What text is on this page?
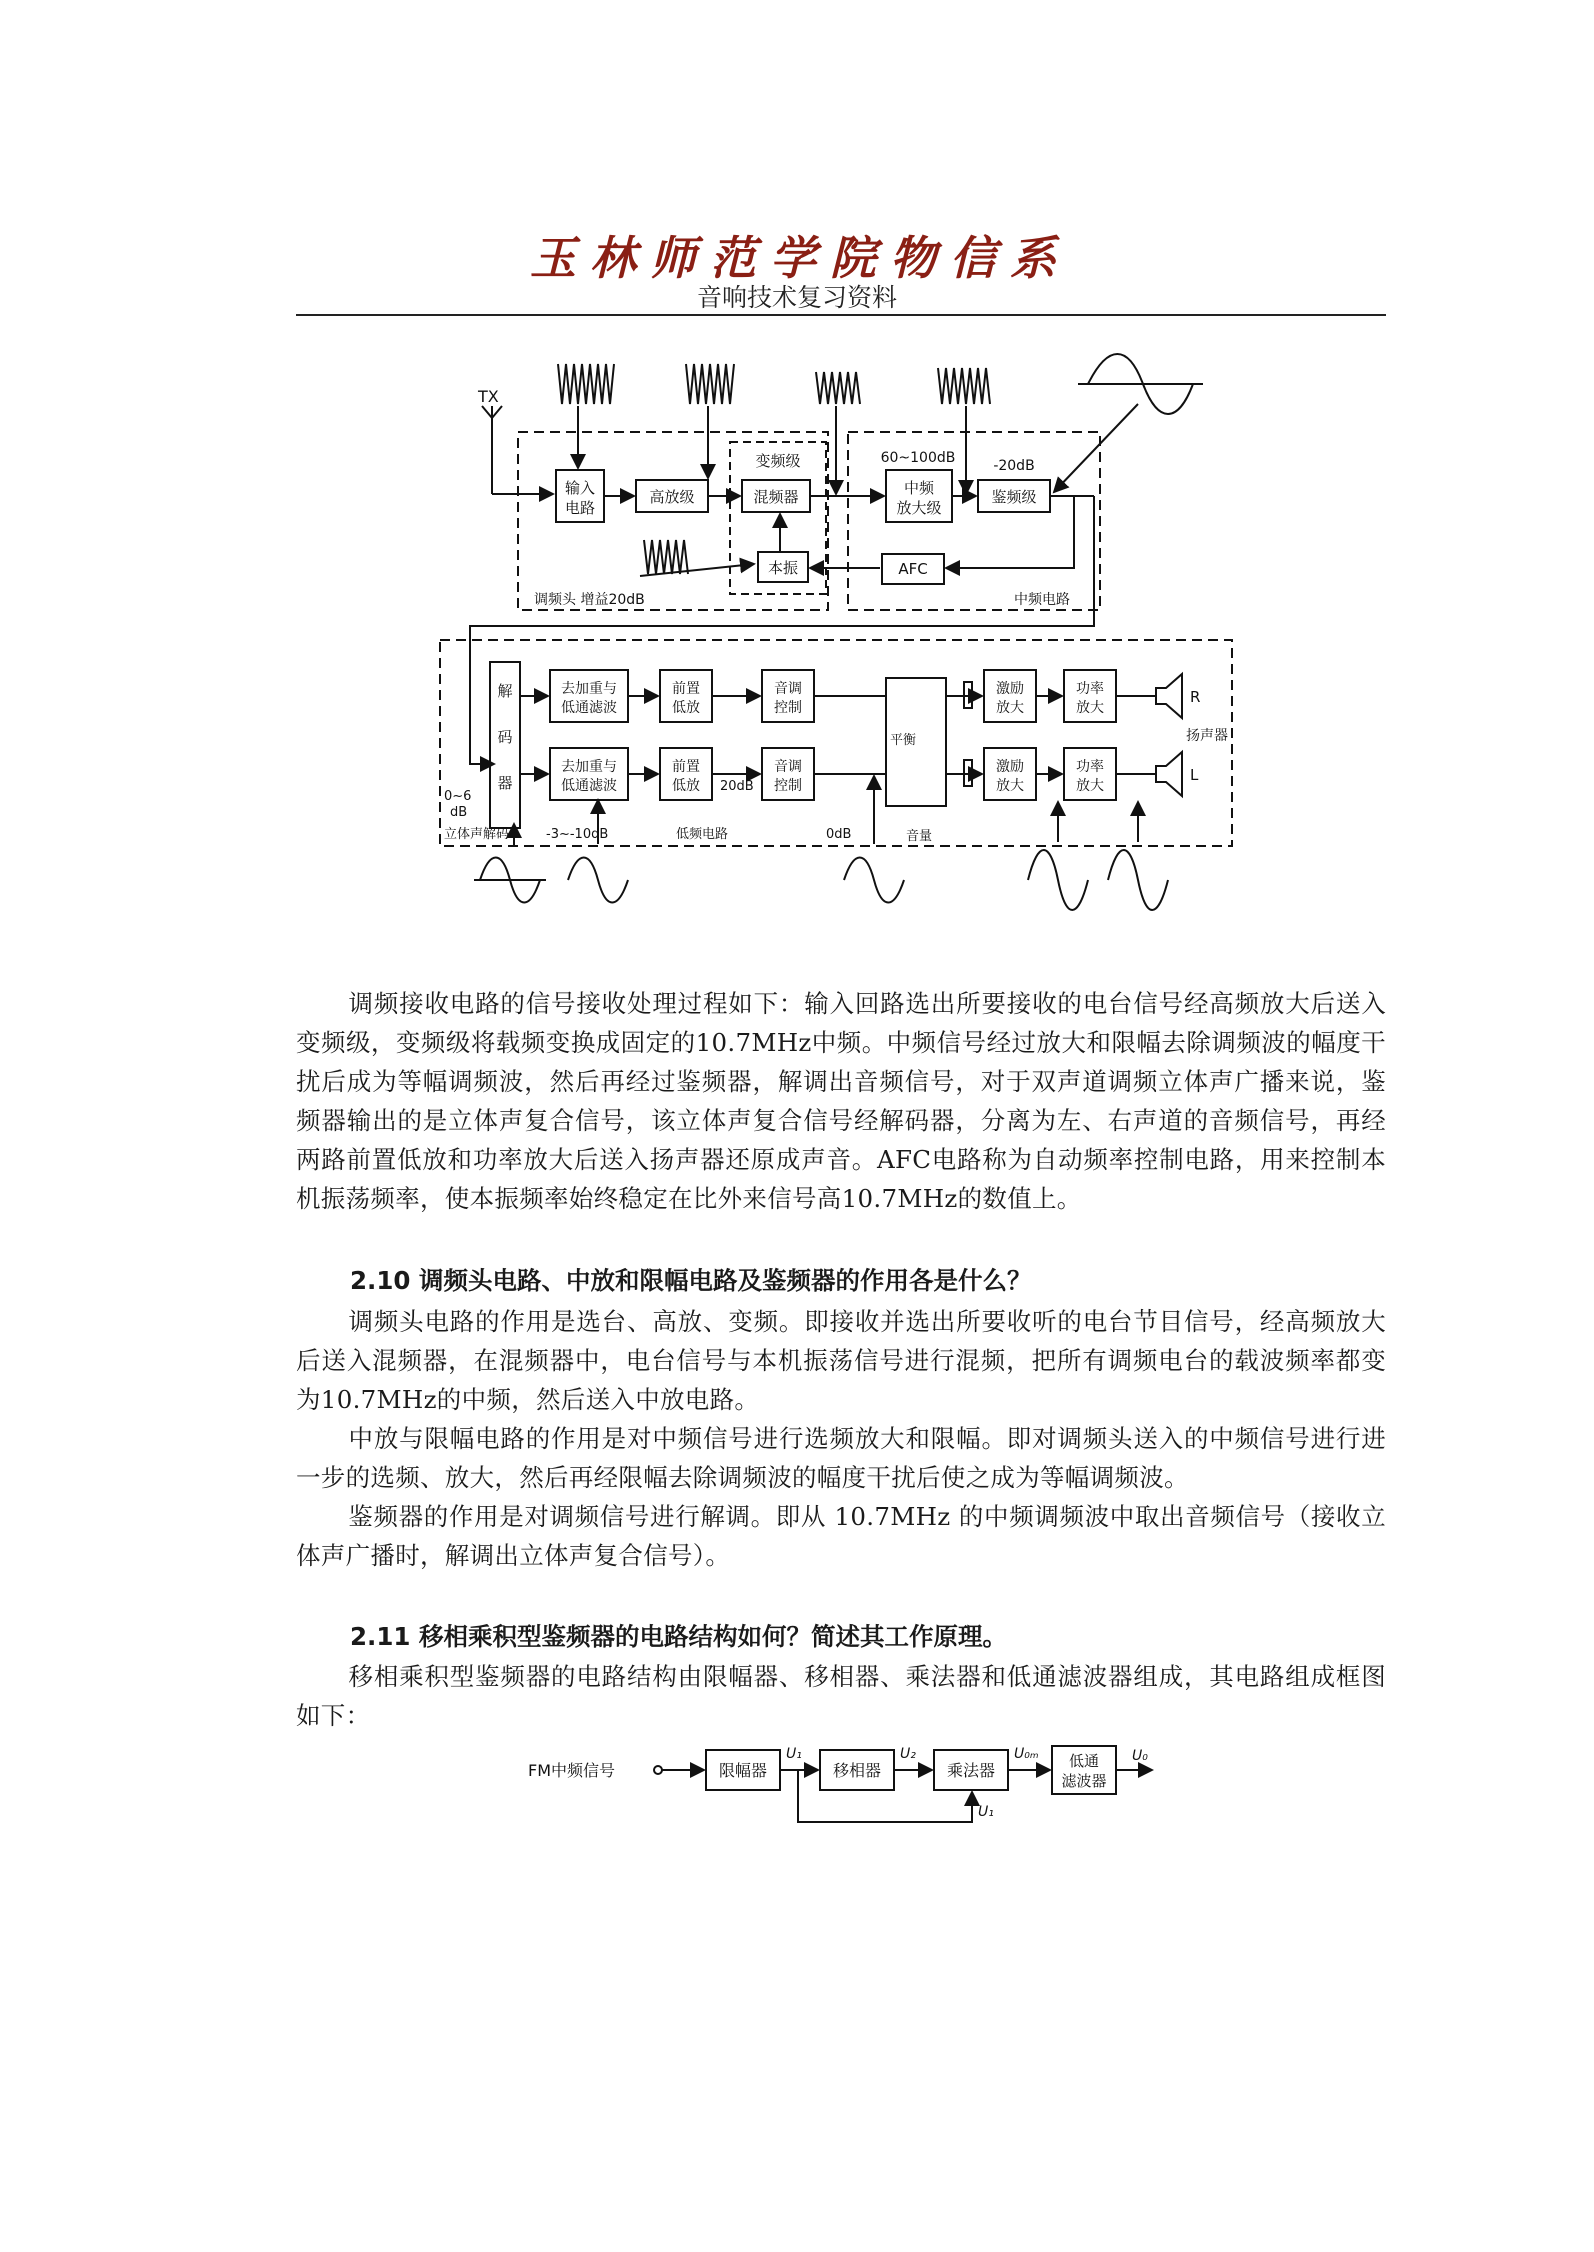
玉林师范学院物信系
音响技术复习资料
TX
输入
电路
高放级	混频器
变频级
本振
中频
放大级
60~100dB	-20dB
鉴频级
AFC
调频头 增益20dB	中频电路
解
码
器
去加重与
低通滤波
去加重与
低通滤波
前置
低放
前置
低放
音调
控制
音调
控制
激励
放大
激励
放大
功率
放大
功率
放大
平衡
音量
扬声器
R
L
0~6
dB
立体声解码	-3~-10dB
20dB
低频电路	0dB

调频接收电路的信号接收处理过程如下：输入回路选出所要接收的电台信号经高频放大后送入变频级，变频级将载频变换成固定的10.7MHz中频。中频信号经过放大和限幅去除调频波的幅度干扰后成为等幅调频波，然后再经过鉴频器，解调出音频信号，对于双声道调频立体声广播来说，鉴频器输出的是立体声复合信号，该立体声复合信号经解码器，分离为左、右声道的音频信号，再经两路前置低放和功率放大后送入扬声器还原成声音。AFC电路称为自动频率控制电路，用来控制本机振荡频率，使本振频率始终稳定在比外来信号高10.7MHz的数值上。

2.10 调频头电路、中放和限幅电路及鉴频器的作用各是什么？

调频头电路的作用是选台、高放、变频。即接收并选出所要收听的电台节目信号，经高频放大后送入混频器，在混频器中，电台信号与本机振荡信号进行混频，把所有调频电台的载波频率都变为10.7MHz的中频，然后送入中放电路。

中放与限幅电路的作用是对中频信号进行选频放大和限幅。即对调频头送入的中频信号进行进一步的选频、放大，然后再经限幅去除调频波的幅度干扰后使之成为等幅调频波。

鉴频器的作用是对调频信号进行解调。即从 10.7MHz 的中频调频波中取出音频信号（接收立体声广播时，解调出立体声复合信号）。

2.11 移相乘积型鉴频器的电路结构如何？简述其工作原理。

移相乘积型鉴频器的电路结构由限幅器、移相器、乘法器和低通滤波器组成，其电路组成框图如下：

FM中频信号	限幅器	移相器	乘法器	低通
滤波器
U₁	U₂	U₀ₘ
U₁
U₀
